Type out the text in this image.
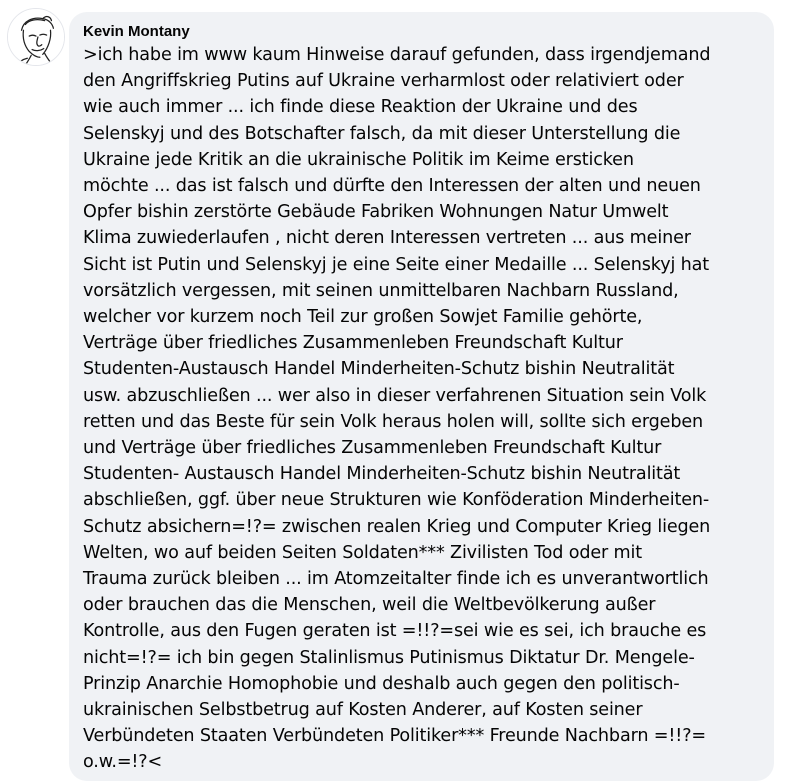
Kevin Montany

>ich habe im www kaum Hinweise darauf gefunden, dass irgendjemand
den Angriffskrieg Putins auf Ukraine verharmlost oder relativiert oder
wie auch immer ... ich finde diese Reaktion der Ukraine und des
Selenskyj und des Botschafter falsch, da mit dieser Unterstellung die
Ukraine jede Kritik an die ukrainische Politik im Keime ersticken
möchte ... das ist falsch und dürfte den Interessen der alten und neuen
Opfer bishin zerstörte Gebäude Fabriken Wohnungen Natur Umwelt
Klima zuwiederlaufen , nicht deren Interessen vertreten ... aus meiner
Sicht ist Putin und Selenskyj je eine Seite einer Medaille ... Selenskyj hat
vorsätzlich vergessen, mit seinen unmittelbaren Nachbarn Russland,
welcher vor kurzem noch Teil zur großen Sowjet Familie gehörte,
Verträge über friedliches Zusammenleben Freundschaft Kultur
Studenten-Austausch Handel Minderheiten-Schutz bishin Neutralität
usw. abzuschließen ... wer also in dieser verfahrenen Situation sein Volk
retten und das Beste für sein Volk heraus holen will, sollte sich ergeben
und Verträge über friedliches Zusammenleben Freundschaft Kultur
Studenten- Austausch Handel Minderheiten-Schutz bishin Neutralität
abschließen, ggf. über neue Strukturen wie Konföderation Minderheiten-
Schutz absichern=!?= zwischen realen Krieg und Computer Krieg liegen
Welten, wo auf beiden Seiten Soldaten*** Zivilisten Tod oder mit
Trauma zurück bleiben ... im Atomzeitalter finde ich es unverantwortlich
oder brauchen das die Menschen, weil die Weltbevölkerung außer
Kontrolle, aus den Fugen geraten ist =!!?=sei wie es sei, ich brauche es
nicht=!?= ich bin gegen Stalinlismus Putinismus Diktatur Dr. Mengele-
Prinzip Anarchie Homophobie und deshalb auch gegen den politisch-
ukrainischen Selbstbetrug auf Kosten Anderer, auf Kosten seiner
Verbündeten Staaten Verbündeten Politiker*** Freunde Nachbarn =!!?=
o.w.=!?<
